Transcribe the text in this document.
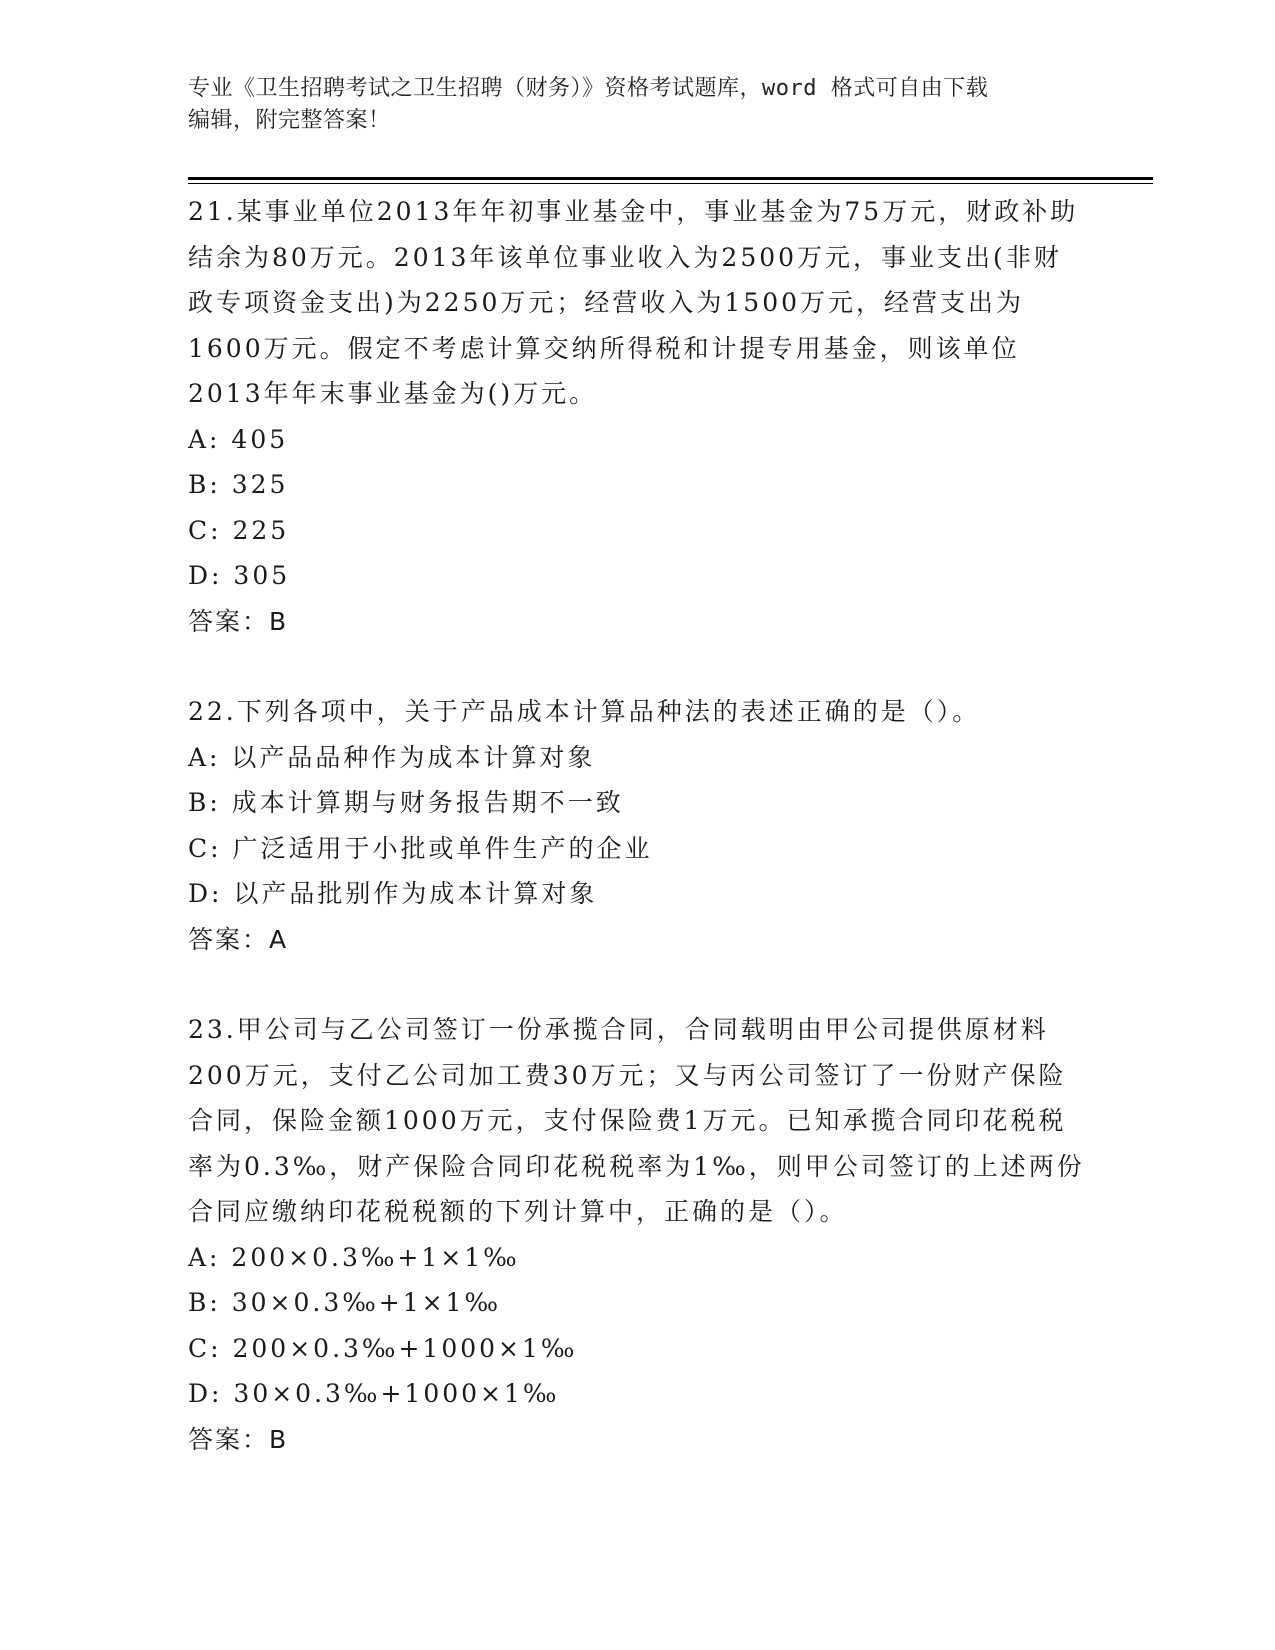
专业《卫生招聘考试之卫生招聘（财务）》资格考试题库，word 格式可自由下载
编辑，附完整答案！

21.某事业单位2013年年初事业基金中，事业基金为75万元，财政补助结余为80万元。2013年该单位事业收入为2500万元，事业支出(非财政专项资金支出)为2250万元；经营收入为1500万元，经营支出为1600万元。假定不考虑计算交纳所得税和计提专用基金，则该单位2013年年末事业基金为()万元。

A: 405

B: 325

C: 225

D: 305

答案：B

22.下列各项中，关于产品成本计算品种法的表述正确的是（）。

A: 以产品品种作为成本计算对象

B: 成本计算期与财务报告期不一致

C: 广泛适用于小批或单件生产的企业

D: 以产品批别作为成本计算对象

答案：A

23.甲公司与乙公司签订一份承揽合同，合同载明由甲公司提供原材料200万元，支付乙公司加工费30万元；又与丙公司签订了一份财产保险合同，保险金额1000万元，支付保险费1万元。已知承揽合同印花税税率为0.3‰，财产保险合同印花税税率为1‰，则甲公司签订的上述两份合同应缴纳印花税税额的下列计算中，正确的是（）。

A: 200×0.3‰+1×1‰

B: 30×0.3‰+1×1‰

C: 200×0.3‰+1000×1‰

D: 30×0.3‰+1000×1‰

答案：B
